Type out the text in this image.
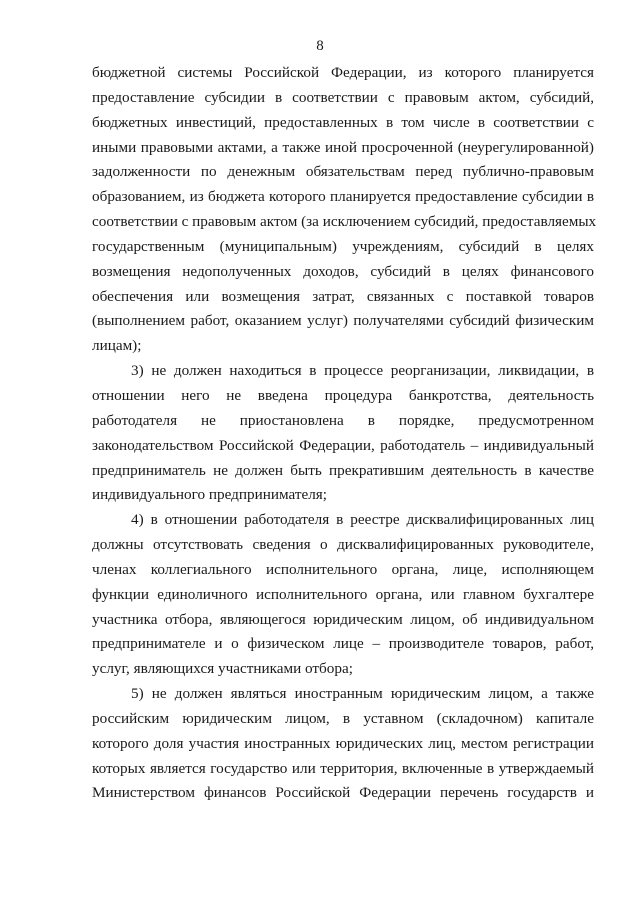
8
бюджетной системы Российской Федерации, из которого планируется
предоставление субсидии в соответствии с правовым актом, субсидий,
бюджетных инвестиций, предоставленных в том числе в соответствии с
иными правовыми актами, а также иной просроченной (неурегулированной)
задолженности по денежным обязательствам перед публично-правовым
образованием, из бюджета которого планируется предоставление субсидии в
соответствии с правовым актом (за исключением субсидий, предоставляемых
государственным (муниципальным) учреждениям, субсидий в целях
возмещения недополученных доходов, субсидий в целях финансового
обеспечения или возмещения затрат, связанных с поставкой товаров
(выполнением работ, оказанием услуг) получателями субсидий физическим
лицам);
3) не должен находиться в процессе реорганизации, ликвидации, в
отношении него не введена процедура банкротства, деятельность
работодателя не приостановлена в порядке, предусмотренном
законодательством Российской Федерации, работодатель – индивидуальный
предприниматель не должен быть прекратившим деятельность в качестве
индивидуального предпринимателя;
4) в отношении работодателя в реестре дисквалифицированных лиц
должны отсутствовать сведения о дисквалифицированных руководителе,
членах коллегиального исполнительного органа, лице, исполняющем
функции единоличного исполнительного органа, или главном бухгалтере
участника отбора, являющегося юридическим лицом, об индивидуальном
предпринимателе и о физическом лице – производителе товаров, работ,
услуг, являющихся участниками отбора;
5) не должен являться иностранным юридическим лицом, а также
российским юридическим лицом, в уставном (складочном) капитале
которого доля участия иностранных юридических лиц, местом регистрации
которых является государство или территория, включенные в утверждаемый
Министерством финансов Российской Федерации перечень государств и
